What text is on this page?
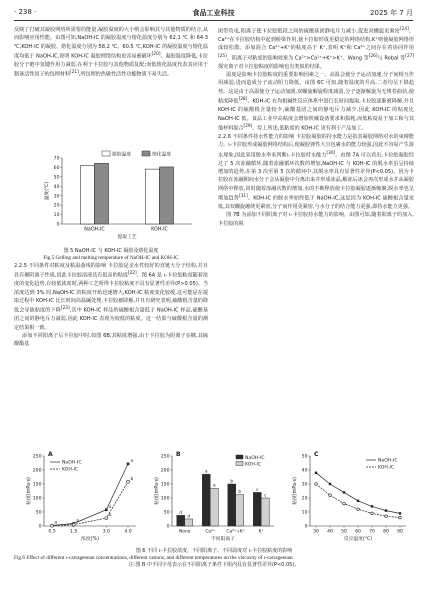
· 238 ·	食品工业科技	2025 年 7 月

反映了打破其凝胶网络所需要的能量,凝胶温度的大小则会影响其与其他物质的结合,从而影响应用性能。由图可知,NaOH-IC 的凝胶温度与熔化温度分别为 62.1 ℃ 和 64.3 ℃,KOH-IC 的凝胶、熔化温度分别为 58.2 ℃、60.5 ℃,KOH-IC 的凝胶温度与熔化温度均低于 NaOH-IC,说明 KOH-IC 凝胶网络结构更容易被破坏[20]。凝胶温度降低,卡拉胶分子链中氢键作用力减弱,在利于卡拉胶与其他物质复配;而低熔化温度代表其应用于制备活性因子的包埋材料[21],所包埋的热敏性活性功能物质不易失活。

0
10
20
30
40
50
60
70
温度(℃)
提取工艺
NaOH-IC	KOH-IC
凝胶温度	熔化温度
图 5 NaOH-IC 与 KOH-IC 凝胶及熔化温度
Fig.5 Gelling and melting temperature of NaOH-IC and KOH-IC

2.2.5 不同条件对粘度及粘温曲线的影响 卡拉胶是亲水性较好的直链大分子结构,并且具有聚阴离子性质,因此卡拉胶溶液具有很高的粘度[22]。图 6A 是 ι-卡拉胶粘度随着浓度的变化趋势,在较低浓度时,两种工艺所得卡拉胶粘度不具有显著性差异(P>0.05)。当浓度达到 3% 时,NaOH-IC 的粘度开始迅速增大,KOH-IC 粘度变化较缓,这可能是在提取过程中 KOH-IC 比长时间高温碱处理,卡拉胶被降解,并且有研究表明,硫酸根含量的降低会导致粘度的下降[23],其中 KOH-IC 样品的硫酸根含量低于 NaOH-IC 样品,硫酸基团之间的静电斥力减弱,因此 KOH-IC 表现为较低的粘度。这一结果与硫酸根含量的测定结果相一致。

添加不同阳离子后卡拉胶中时,如图 6B,其粘度增强,由于卡拉胶为阴离子多糖,其硫酸酯基

团带负电,阳离子使卡拉胶链段之间的硫酸基团静电斥力减小,促进双螺旋更紧密[24]。Ca²⁺在卡拉胶结构中起到桥梁作用,使卡拉胶形成更稳定的网络结构,K⁺则使凝胶网络形成较松散。添加混合 Ca²⁺+K⁺的粘度高于 K⁺,表明 K⁺和 Ca²⁺之间存在着协同作用[25]。阳离子对粘度的影响效果为 Ca²⁺>Ca²⁺+K⁺>K⁺。Wang 等[26]与 Robal 等[27]探究离子对卡拉胶粘度的影响也有类似的结果。

温度是影响卡拉胶粘度的重要影响因素之一。高温会使分子运动加速,分子间相互作用减弱,进而造成分子流动阻力降低。由图 6C 可知,随着温度的升高,二者均呈下降趋势。这是由于高温使分子运动加剧,双螺旋解旋程度减弱,分子逐渐解旋为无规卷曲状,使粘度降低[28]。KOH-IC 在均相碱性反应体系中进行长时间提取,卡拉胶逐渐被降解,并且 KOH-IC 的硫酸根含量较少,硫酸基团之间的静电斥力减少,因此 KOH-IC 的粘度比 NaOH-IC 低。食品工业中高粘度会增加机械设备要求和损耗,而低粘度易于加工和与其他材料混合[29]。综上所述,低粘度的 KOH-IC 更有利于产品加工。

2.2.6 不同条件持水性能力的影响 卡拉胶凝胶的持水能力是指其凝胶网络对水的束缚能力。ι-卡拉胶形成凝胶网络结构后,使凝胶弹性大且包裹水的能力较强,因此不容易产生游水现象,因此采用脱水率来判断ι-卡拉胶持水能力[30]。由图 7A 可以看出,卡拉胶凝胶经过了 5 次冻融循环,随着冻融循环次数的增加,NaOH-IC 与 KOH-IC 的脱水率虽呈持续增加的趋势,在第 3 次至第 5 次的循环中,其脱水率具有显著性差异(P<0.05)。因为卡拉胶在冻融期间水分子会从凝胶中分离出来并形成冰晶,解冻后冰会再次形成水并从凝胶网络中释放,同时随着冻融次数的增加,水的不断释放使卡拉胶凝胶逐渐缩聚,脱水率也呈增加趋势[31]。KOH-IC 的脱水率始终低于 NaOH-IC,这是因为 KOH-IC 硫酸根含量更低,其双螺旋缠绕更紧密,分子间作用更紧密,与水分子的结合能力更强,即持水能力更强。

图 7B 为添加不同阳离子对 ι-卡拉胶持水能力的影响。由图可知,随着阳离子的加入,卡拉胶的脱

0
50
100
150
200
250
粘度(mPa·s)
浓度(%)
A
0.5	1.5	3.0	4.0
NaOH-IC
KOH-IC
a	a
a
a
b
b
0
50
100
150
200
250
粘度(mPa·s)
不同阳离子
B
d
d
None
a
a
Ca²⁺
b
b
Ca²⁺+K⁺
c
c
K⁺
NaOH-IC
KOH-IC
0
10
20
30
40
50
粘度(mPa·s)
反应温度(℃)
C
30 40 50 60 70 80 90
NaOH-IC
KOH-IC
图 6 不同 ι-卡拉胶浓度、不同阳离子、不同温度对 ι-卡拉胶粘度的影响
Fig.6 Effect of different ι-carrageenan concentrations, different cations, and different temperatures on the viscosity of ι-carrageenan
注:图 B 中不同字母表示在不同阳离子条件下组内具有显著性差异(P<0.05)。
